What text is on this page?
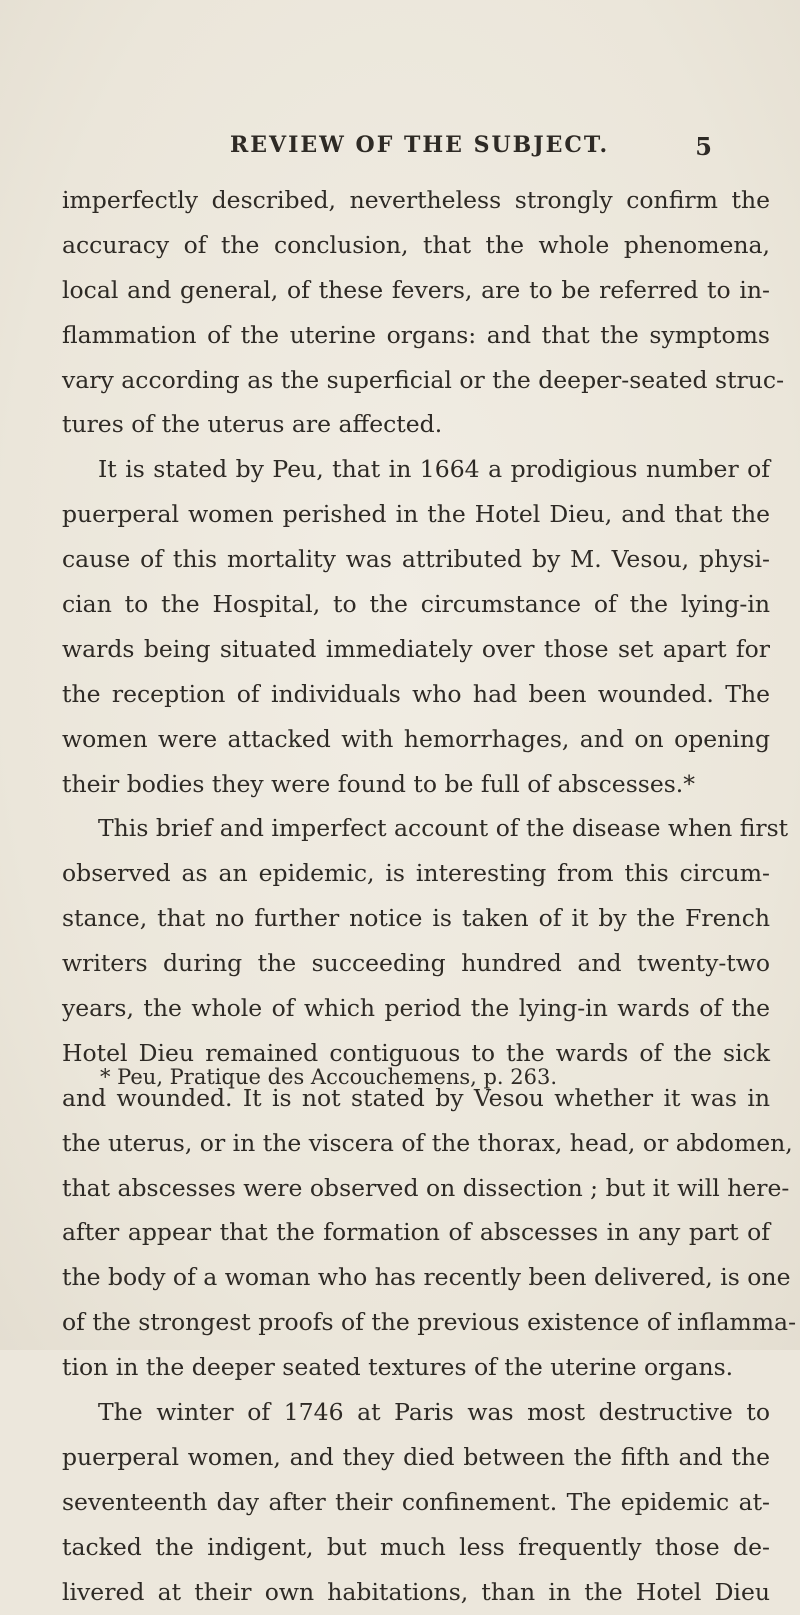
REVIEW OF THE SUBJECT.	5
imperfectly described, nevertheless strongly confirm the
accuracy of the conclusion, that the whole phenomena,
local and general, of these fevers, are to be referred to in-
flammation of the uterine organs: and that the symptoms
vary according as the superficial or the deeper-seated struc-
tures of the uterus are affected.
It is stated by Peu, that in 1664 a prodigious number of
puerperal women perished in the Hotel Dieu, and that the
cause of this mortality was attributed by M. Vesou, physi-
cian to the Hospital, to the circumstance of the lying-in
wards being situated immediately over those set apart for
the reception of individuals who had been wounded. The
women were attacked with hemorrhages, and on opening
their bodies they were found to be full of abscesses.*
This brief and imperfect account of the disease when first
observed as an epidemic, is interesting from this circum-
stance, that no further notice is taken of it by the French
writers during the succeeding hundred and twenty-two
years, the whole of which period the lying-in wards of the
Hotel Dieu remained contiguous to the wards of the sick
and wounded. It is not stated by Vesou whether it was in
the uterus, or in the viscera of the thorax, head, or abdomen,
that abscesses were observed on dissection ; but it will here-
after appear that the formation of abscesses in any part of
the body of a woman who has recently been delivered, is one
of the strongest proofs of the previous existence of inflamma-
tion in the deeper seated textures of the uterine organs.
The winter of 1746 at Paris was most destructive to
puerperal women, and they died between the fifth and the
seventeenth day after their confinement. The epidemic at-
tacked the indigent, but much less frequently those de-
livered at their own habitations, than in the Hotel Dieu
* Peu, Pratique des Accouchemens, p. 263.
